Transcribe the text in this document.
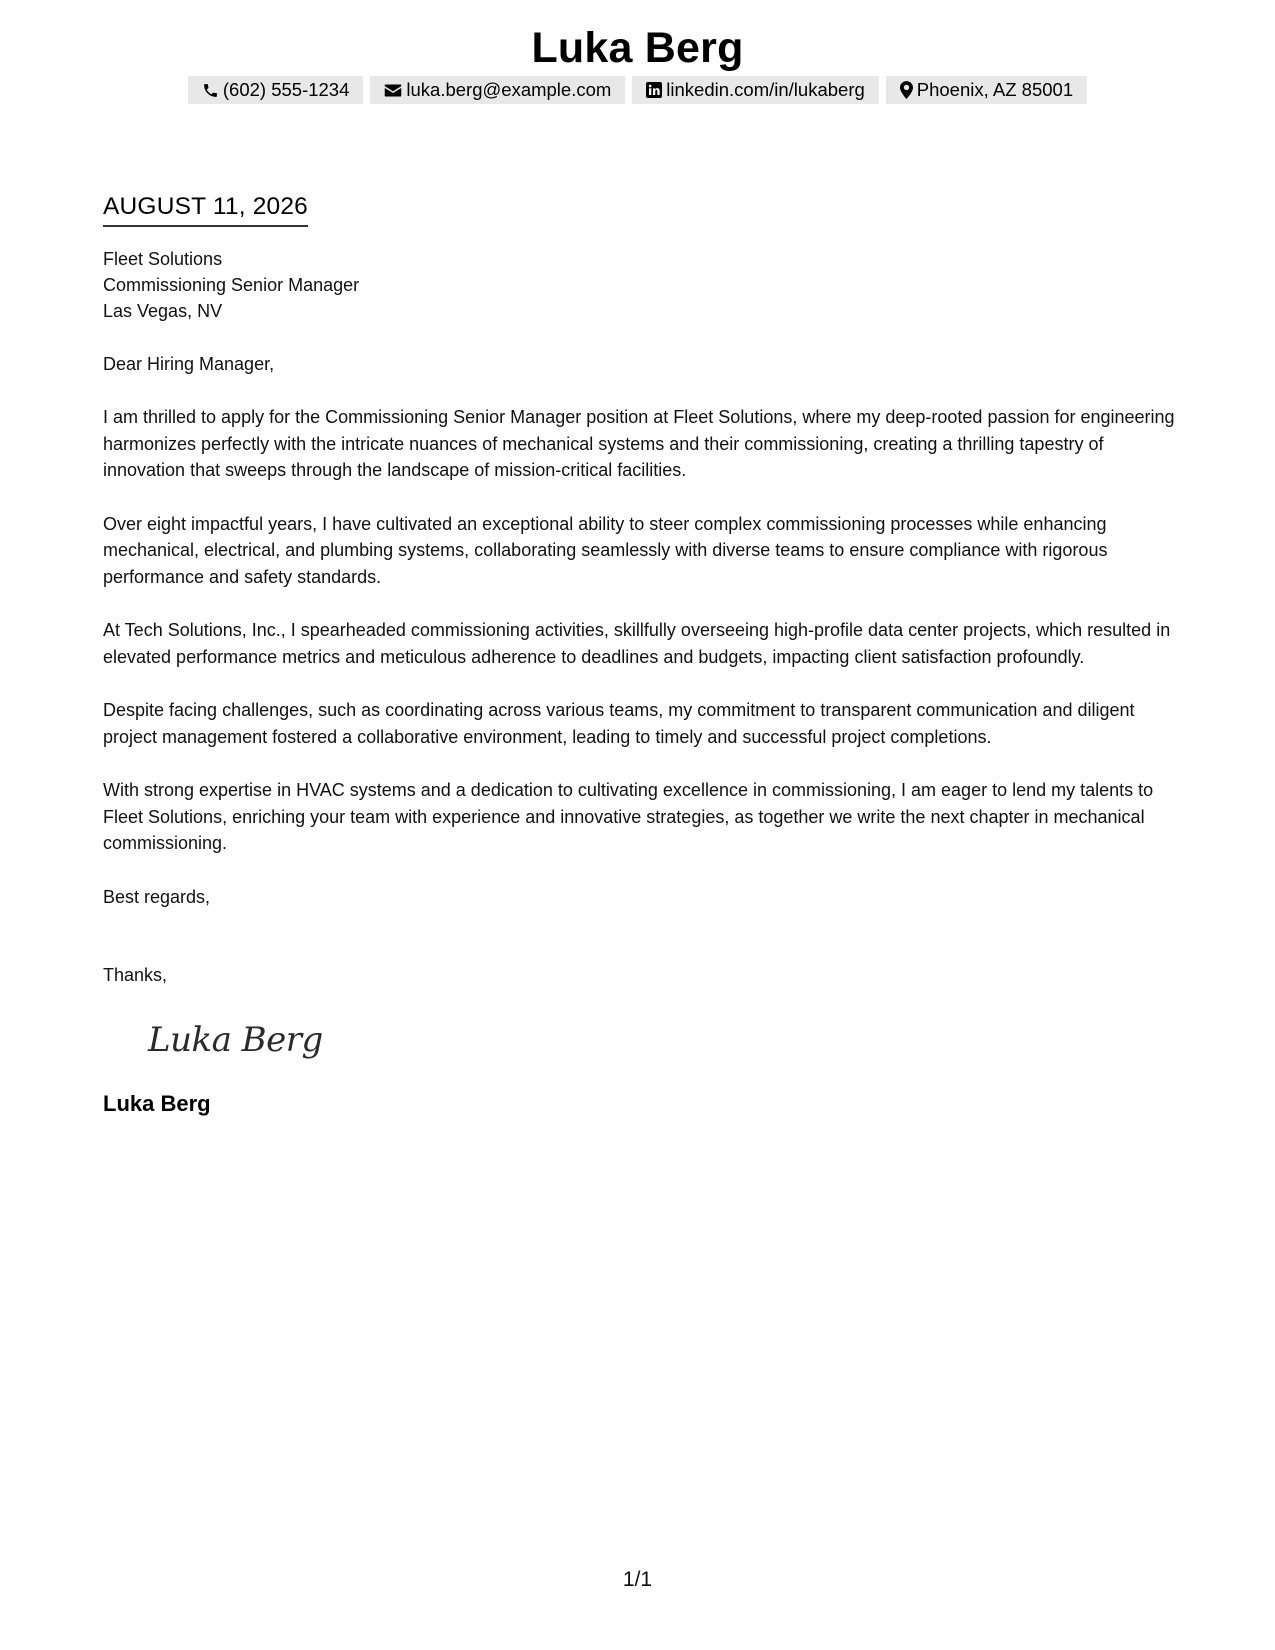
Luka Berg
(602) 555-1234	luka.berg@example.com	linkedin.com/in/lukaberg	Phoenix, AZ 85001
AUGUST 11, 2026
Fleet Solutions
Commissioning Senior Manager
Las Vegas, NV
Dear Hiring Manager,
I am thrilled to apply for the Commissioning Senior Manager position at Fleet Solutions, where my deep-rooted passion for engineering harmonizes perfectly with the intricate nuances of mechanical systems and their commissioning, creating a thrilling tapestry of innovation that sweeps through the landscape of mission-critical facilities.
Over eight impactful years, I have cultivated an exceptional ability to steer complex commissioning processes while enhancing mechanical, electrical, and plumbing systems, collaborating seamlessly with diverse teams to ensure compliance with rigorous performance and safety standards.
At Tech Solutions, Inc., I spearheaded commissioning activities, skillfully overseeing high-profile data center projects, which resulted in elevated performance metrics and meticulous adherence to deadlines and budgets, impacting client satisfaction profoundly.
Despite facing challenges, such as coordinating across various teams, my commitment to transparent communication and diligent project management fostered a collaborative environment, leading to timely and successful project completions.
With strong expertise in HVAC systems and a dedication to cultivating excellence in commissioning, I am eager to lend my talents to Fleet Solutions, enriching your team with experience and innovative strategies, as together we write the next chapter in mechanical commissioning.
Best regards,
Thanks,
Luka Berg
Luka Berg
1/1
